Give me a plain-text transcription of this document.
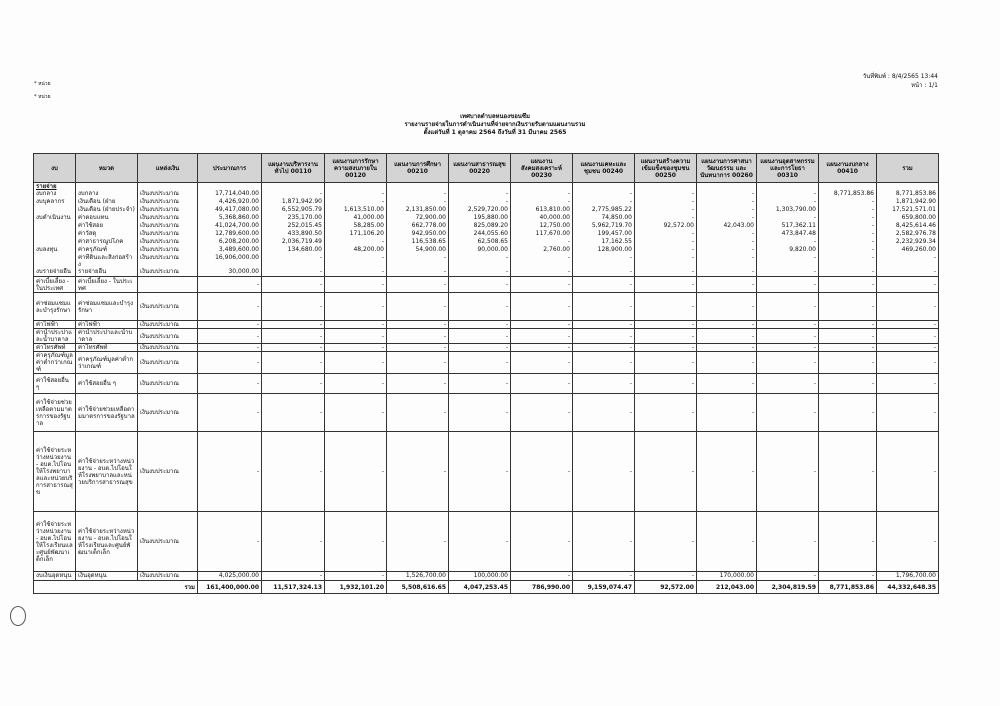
วันที่พิมพ์ : 8/4/2565 13:44
หน้า : 1/1
* หน่วย
* หน่วย
เทศบาลตำบลหนองขอนซึม
รายงานรายจ่ายในการดำเนินงานที่จ่ายจากเงินรายรับตามแผนงานรวม
ตั้งแต่วันที่ 1 ตุลาคม 2564 ถึงวันที่ 31 มีนาคม 2565
งบ	หมวด	แหล่งเงิน	ประมาณการ	แผนงานบริหารงานทั่วไป 00110	แผนงานการรักษาความสงบภายใน 00120	แผนงานการศึกษา 00210	แผนงานสาธารณสุข 00220	แผนงานสังคมสงเคราะห์ 00230	แผนงานเคหะและชุมชน 00240	แผนงานสร้างความเข้มแข็งของชุมชน 00250	แผนงานการศาสนา วัฒนธรรม และนันทนาการ 00260	แผนงานอุตสาหกรรมและการโยธา 00310	แผนงานงบกลาง 00410	รวม
รายจ่าย														
งบกลาง	งบกลาง	เงินงบประมาณ	17,714,040.00	-	-	-	-	-	-	-	-	-	8,771,853.86	8,771,853.86
งบบุคลากร	เงินเดือน (ฝ่าย	เงินงบประมาณ	4,426,920.00	1,871,942.90	-	-	-	-	-	-	-	-	-	1,871,942.90
	เงินเดือน (ฝ่ายประจำ)	เงินงบประมาณ	49,417,080.00	6,552,905.79	1,613,510.00	2,131,850.00	2,529,720.00	613,810.00	2,775,985.22	-	-	1,303,790.00	-	17,521,571.01
งบดำเนินงาน	ค่าตอบแทน	เงินงบประมาณ	5,368,860.00	235,170.00	41,000.00	72,900.00	195,880.00	40,000.00	74,850.00	-	-	-	-	659,800.00
	ค่าใช้สอย	เงินงบประมาณ	41,024,700.00	252,015.45	58,285.00	662,778.00	825,089.20	12,750.00	5,962,719.70	92,572.00	42,043.00	517,362.11	-	8,425,614.46
	ค่าวัสดุ	เงินงบประมาณ	12,789,600.00	433,890.50	171,106.20	942,950.00	244,055.60	117,670.00	199,457.00	-	-	473,847.48	-	2,582,976.78
	ค่าสาธารณูปโภค	เงินงบประมาณ	6,208,200.00	2,036,719.49	-	116,538.65	62,508.65	-	17,162.55	-	-	-	-	2,232,929.34
งบลงทุน	ค่าครุภัณฑ์	เงินงบประมาณ	3,489,600.00	134,680.00	48,200.00	54,900.00	90,000.00	2,760.00	128,900.00	-	-	9,820.00	-	469,260.00
	ค่าที่ดินและสิ่งก่อสร้าง	เงินงบประมาณ	16,906,000.00	-	-	-	-	-	-	-	-	-	-	-
งบรายจ่ายอื่น	รายจ่ายอื่น	เงินงบประมาณ	30,000.00	-	-	-	-	-	-	-	-	-	-	-
ค่าเบี้ยเลี้ยง - ในประเทศ	ค่าเบี้ยเลี้ยง - ในประเทศ		-	-	-	-	-	-	-	-	-	-	-	-
ค่าซ่อมแซมและบำรุงรักษา	ค่าซ่อมแซมและบำรุงรักษา	เงินงบประมาณ	-	-	-	-	-	-	-	-	-	-	-	-
ค่าไฟฟ้า	ค่าไฟฟ้า	เงินงบประมาณ	-	-	-	-	-	-	-	-	-	-	-	-
ค่าน้ำประปาและน้ำบาดาล	ค่าน้ำประปาและน้ำบาดาล	เงินงบประมาณ	-	-	-	-	-	-	-	-	-	-	-	-
ค่าโทรศัพท์	ค่าโทรศัพท์	เงินงบประมาณ	-	-	-	-	-	-	-	-	-	-	-	-
ค่าครุภัณฑ์มูลค่าต่ำกว่าเกณฑ์	ค่าครุภัณฑ์มูลค่าต่ำกว่าเกณฑ์	เงินงบประมาณ	-	-	-	-	-	-	-	-	-	-	-	-
ค่าใช้สอยอื่น ๆ	ค่าใช้สอยอื่น ๆ	เงินงบประมาณ	-	-	-	-	-	-	-	-	-	-	-	-
ค่าใช้จ่ายช่วยเหลือตามมาตรการของรัฐบาล	ค่าใช้จ่ายช่วยเหลือตามมาตรการของรัฐบาล	เงินงบประมาณ	-	-	-	-	-	-	-	-	-	-	-	-
ค่าใช้จ่ายระหว่างหน่วยงาน - อบต.ไปโอนให้โรงพยาบาลและหน่วยบริการสาธารณสุข	ค่าใช้จ่ายระหว่างหน่วยงาน - อบต.ไปโอนให้โรงพยาบาลและหน่วยบริการสาธารณสุข	เงินงบประมาณ	-	-	-	-	-	-	-	-	-	-	-	-
ค่าใช้จ่ายระหว่างหน่วยงาน - อบต.ไปโอนให้โรงเรียนและศูนย์พัฒนาเด็กเล็ก	ค่าใช้จ่ายระหว่างหน่วยงาน - อบต.ไปโอนให้โรงเรียนและศูนย์พัฒนาเด็กเล็ก	เงินงบประมาณ	-	-	-	-	-	-	-	-	-	-	-	-
งบเงินอุดหนุน	เงินอุดหนุน	เงินงบประมาณ	4,025,000.00	-	-	1,526,700.00	100,000.00	-	-	-	170,000.00	-	-	1,796,700.00
รวม			161,400,000.00	11,517,324.13	1,932,101.20	5,508,616.65	4,047,253.45	786,990.00	9,159,074.47	92,572.00	212,043.00	2,304,819.59	8,771,853.86	44,332,648.35
